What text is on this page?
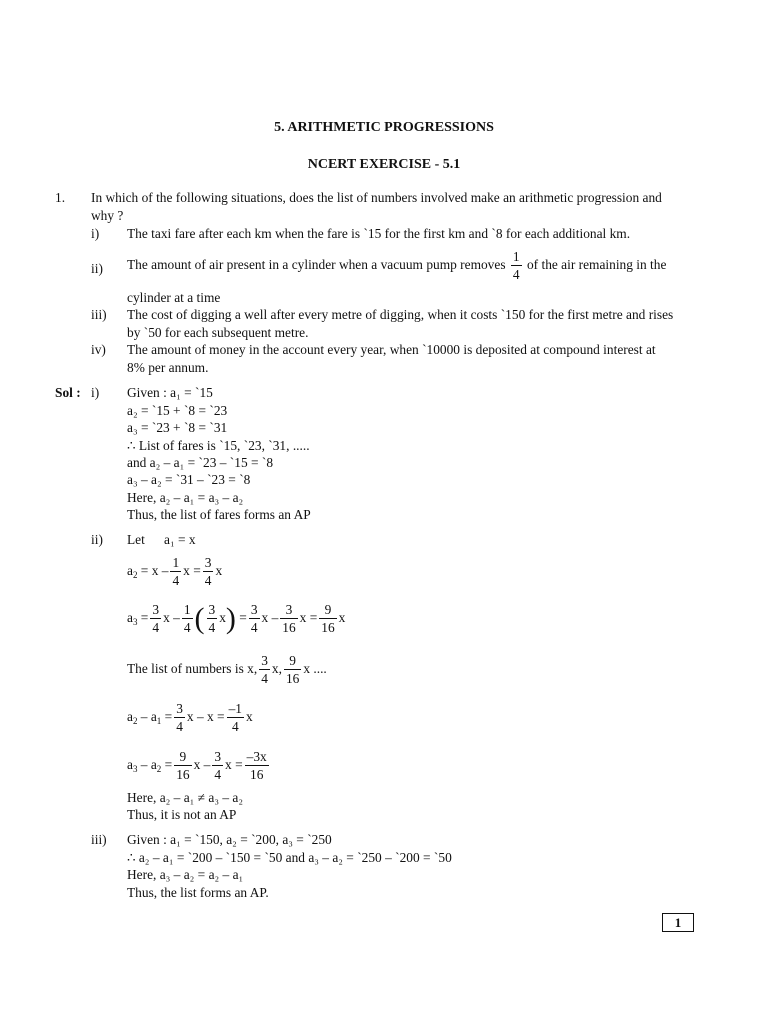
5. ARITHMETIC PROGRESSIONS
NCERT EXERCISE - 5.1
1. In which of the following situations, does the list of numbers involved make an arithmetic progression and
why ?
i) The taxi fare after each km when the fare is `15 for the first km and `8 for each additional km.
ii) The amount of air present in a cylinder when a vacuum pump removes $\frac{1}{4}$ of the air remaining in the
cylinder at a time
iii) The cost of digging a well after every metre of digging, when it costs `150 for the first metre and rises
by `50 for each subsequent metre.
iv) The amount of money in the account every year, when `10000 is deposited at compound interest at
8% per annum.
Sol : i) Given : a₁ = `15
a₂ = `15 + `8 = `23
a₃ = `23 + `8 = `31
∴ List of fares is `15, `23, `31, .....
and a₂ – a₁ = `23 – `15 = `8
a₃ – a₂ = `31 – `23 = `8
Here, a₂ – a₁ = a₃ – a₂
Thus, the list of fares forms an AP
ii) Let a₁ = x
$a_2 = x - \frac{1}{4}$ $x = \frac{3}{4}$ x
$a_3 = \frac{3}{4}$ x – $\frac{1}{4}$ ( $\frac{3}{4} x) = \frac{3}{4}$ x – $\frac{3}{16}$ $x = \frac{9}{16}$ x
The list of numbers is x, $\frac{3}{4} x$, $\frac{9}{16}$ x ....
$a_2 - a_1 = \frac{3}{4}$ $x - x = \frac{-1}{4}$ x
$a_3 - a_2 = \frac{9}{16}$ x – $\frac{3}{4}$ $x = \frac{-3x}{16}$
Here, a₂ – a₁ ≠ a₃ – a₂
Thus, it is not an AP
iii) Given : a₁ = `150, a₂ = `200, a₃ = `250
∴ a₂ – a₁ = `200 – `150 = `50 and a₃ – a₂ = `250 – `200 = `50
Here, a₃ – a₂ = a₂ – a₁
Thus, the list forms an AP.
1
